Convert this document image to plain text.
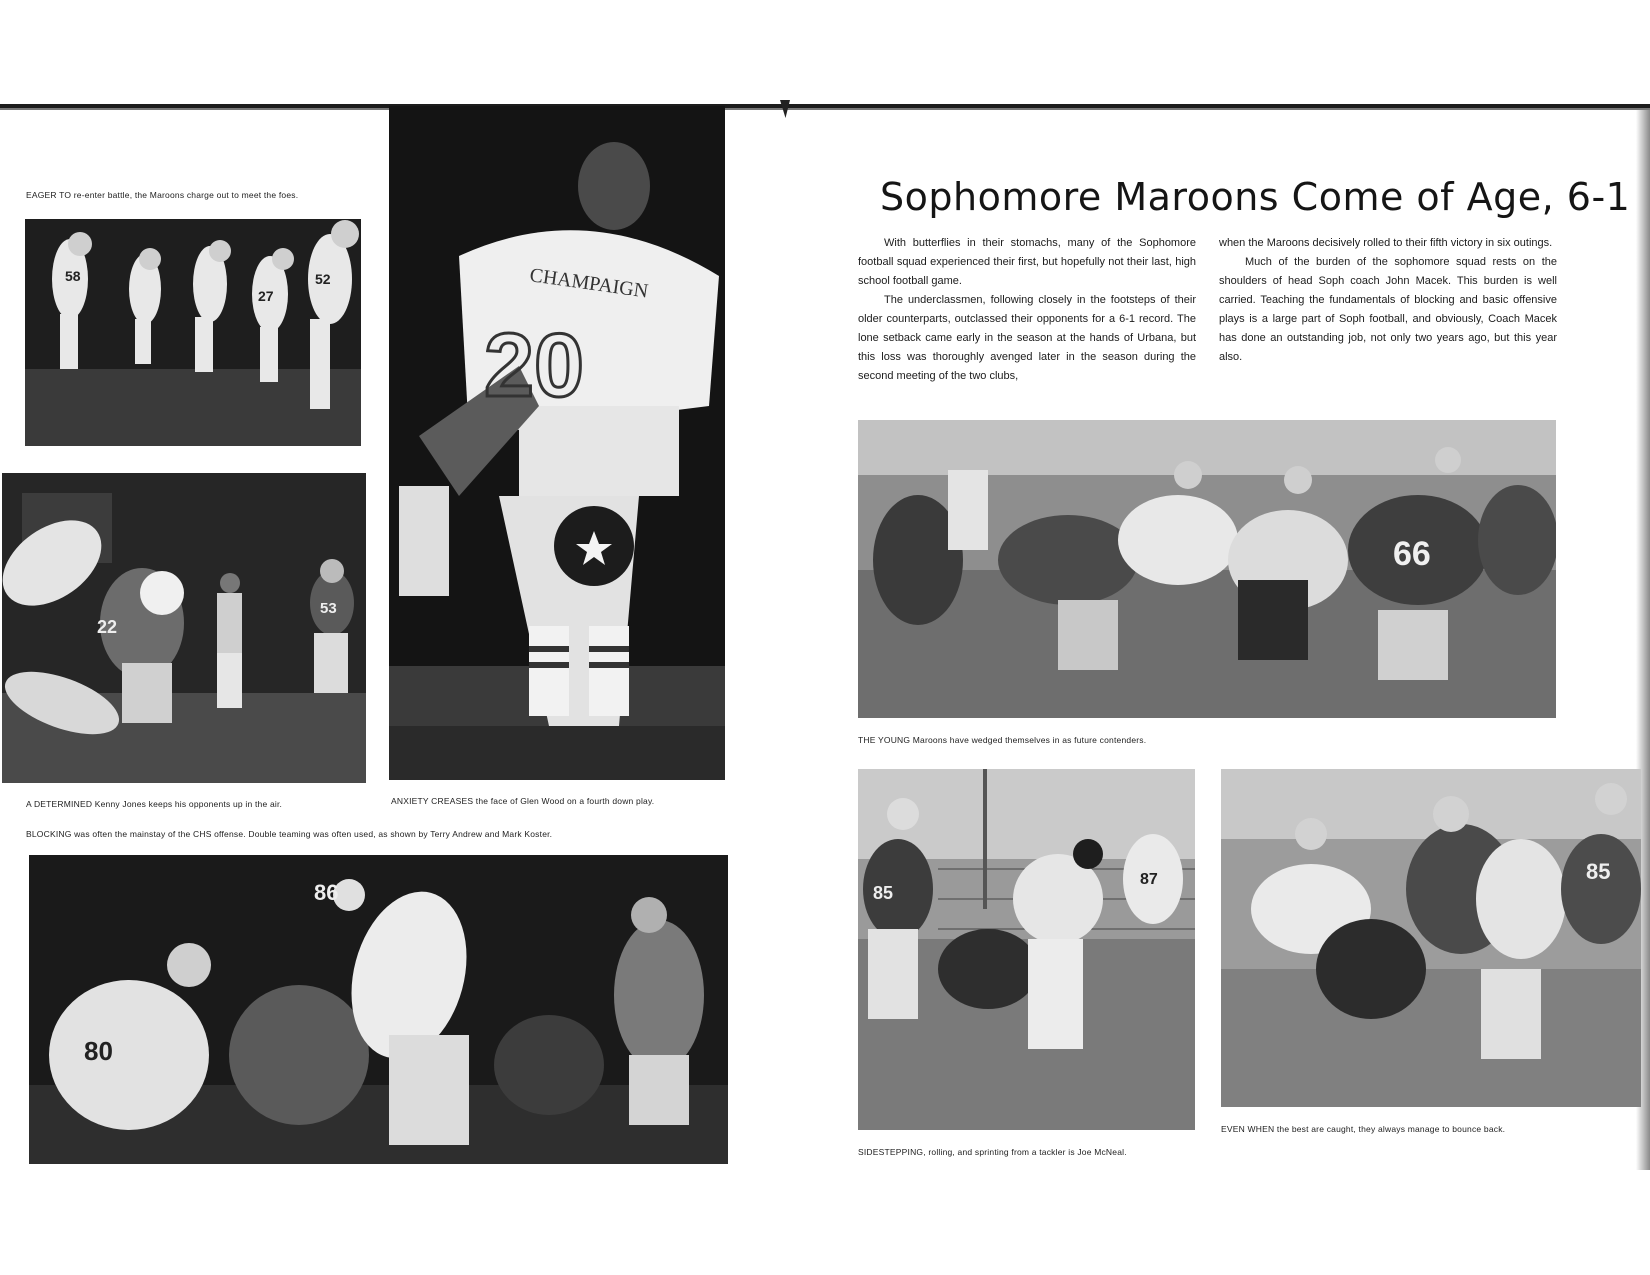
EAGER TO re-enter battle, the Maroons charge out to meet the foes.
58	52
27
22
53
CHAMPAIGN
20
A DETERMINED Kenny Jones keeps his opponents up in the air.	ANXIETY CREASES the face of Glen Wood on a fourth down play.
BLOCKING was often the mainstay of the CHS offense. Double teaming was often used, as shown by Terry Andrew and Mark Koster.
86
80
Sophomore Maroons Come of Age, 6-1

With butterflies in their stomachs, many of the Sophomore football squad experienced their first, but hopefully not their last, high school football game.

The underclassmen, following closely in the footsteps of their older counterparts, outclassed their opponents for a 6-1 record. The lone setback came early in the season at the hands of Urbana, but this loss was thoroughly avenged later in the season during the second meeting of the two clubs,

when the Maroons decisively rolled to their fifth victory in six outings.

Much of the burden of the sophomore squad rests on the shoulders of head Soph coach John Macek. This burden is well carried. Teaching the fundamentals of blocking and basic offensive plays is a large part of Soph football, and obviously, Coach Macek has done an outstanding job, not only two years ago, but this year also.

66
THE YOUNG Maroons have wedged themselves in as future contenders.
85
87
SIDESTEPPING, rolling, and sprinting from a tackler is Joe McNeal.
85
EVEN WHEN the best are caught, they always manage to bounce back.
